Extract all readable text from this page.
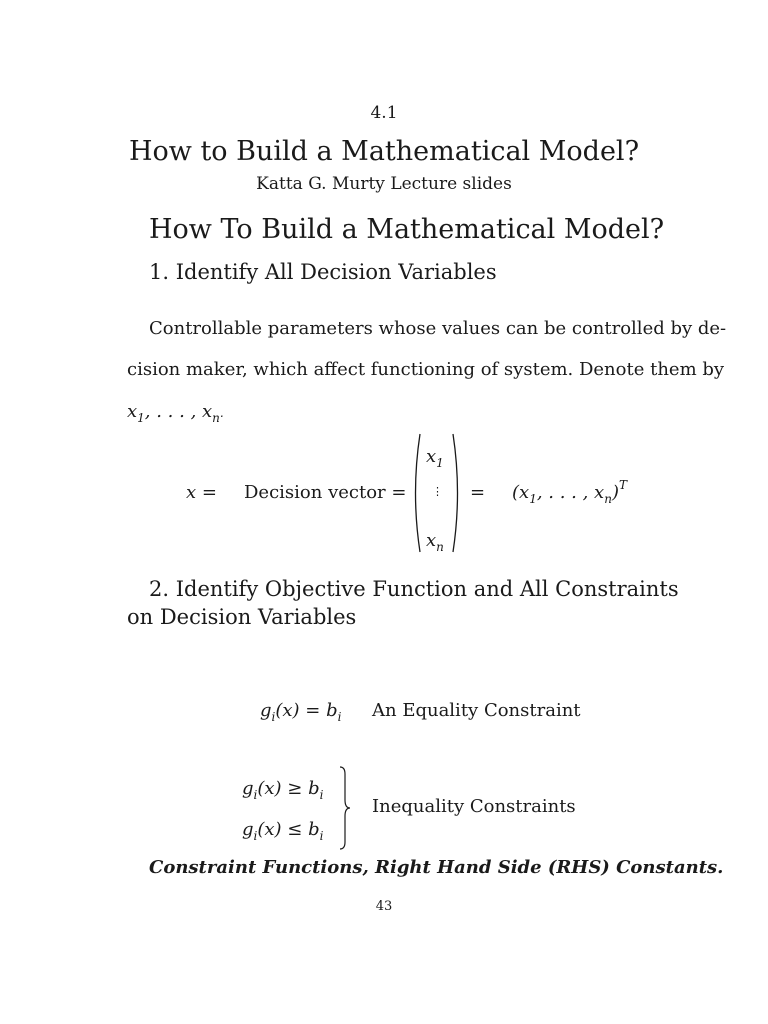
4.1
How to Build a Mathematical Model?
Katta G. Murty Lecture slides
How To Build a Mathematical Model?
1. Identify All Decision Variables
Controllable parameters whose values can be controlled by de-
cision maker, which affect functioning of system. Denote them by
$x_1$, . . . , $x_n$.
x = Decision vector =
$x_1$
⋮
$x_n$
= ($x_1$, . . . , $x_n)^T$
2. Identify Objective Function and All Constraints
on Decision Variables
$g_i(x) = b_i$ An Equality Constraint
$g_i(x) \ge b_i$
$g_i(x) \le b_i$
Inequality Constraints
Constraint Functions, Right Hand Side (RHS) Constants.
43
